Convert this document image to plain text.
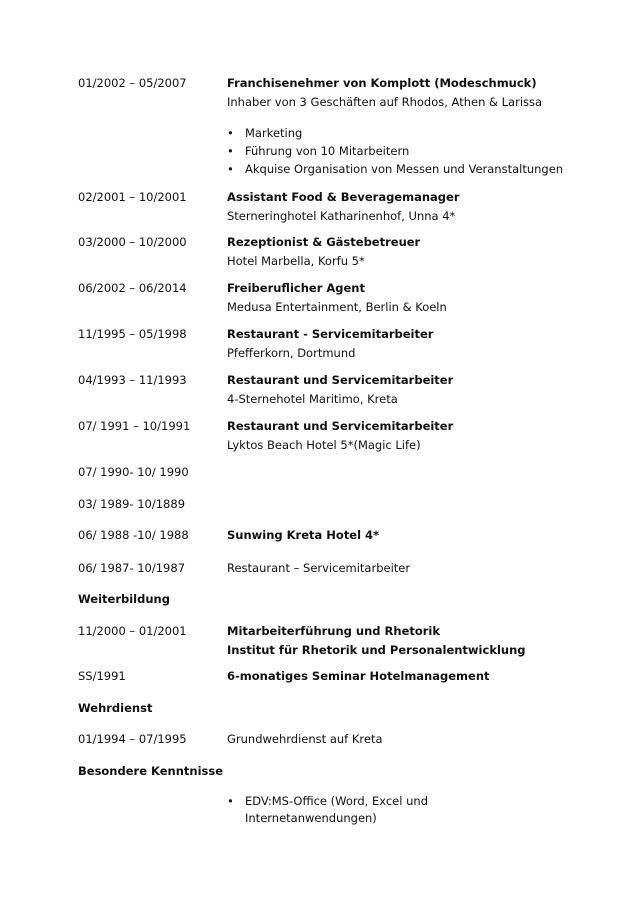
01/2002 – 05/2007	Franchisenehmer von Komplott (Modeschmuck)
Inhaber von 3 Geschäften auf Rhodos, Athen & Larissa
• Marketing
• Führung von 10 Mitarbeitern
• Akquise Organisation von Messen und Veranstaltungen
02/2001 – 10/2001	Assistant Food & Beveragemanager
Sterneringhotel Katharinenhof, Unna 4*
03/2000 – 10/2000	Rezeptionist & Gästebetreuer
Hotel Marbella, Korfu 5*
06/2002 – 06/2014	Freiberuflicher Agent
Medusa Entertainment, Berlin & Koeln
11/1995 – 05/1998	Restaurant - Servicemitarbeiter
Pfefferkorn, Dortmund
04/1993 – 11/1993	Restaurant und Servicemitarbeiter
4-Sternehotel Maritimo, Kreta
07/ 1991 – 10/1991	Restaurant und Servicemitarbeiter
Lyktos Beach Hotel 5*(Magic Life)
07/ 1990- 10/ 1990
03/ 1989- 10/1889
06/ 1988 -10/ 1988	Sunwing Kreta Hotel 4*
06/ 1987- 10/1987	Restaurant – Servicemitarbeiter
Weiterbildung
11/2000 – 01/2001	Mitarbeiterführung und Rhetorik
Institut für Rhetorik und Personalentwicklung
SS/1991	6-monatiges Seminar Hotelmanagement
Wehrdienst
01/1994 – 07/1995	Grundwehrdienst auf Kreta
Besondere Kenntnisse
• EDV:MS-Office (Word, Excel und
Internetanwendungen)
